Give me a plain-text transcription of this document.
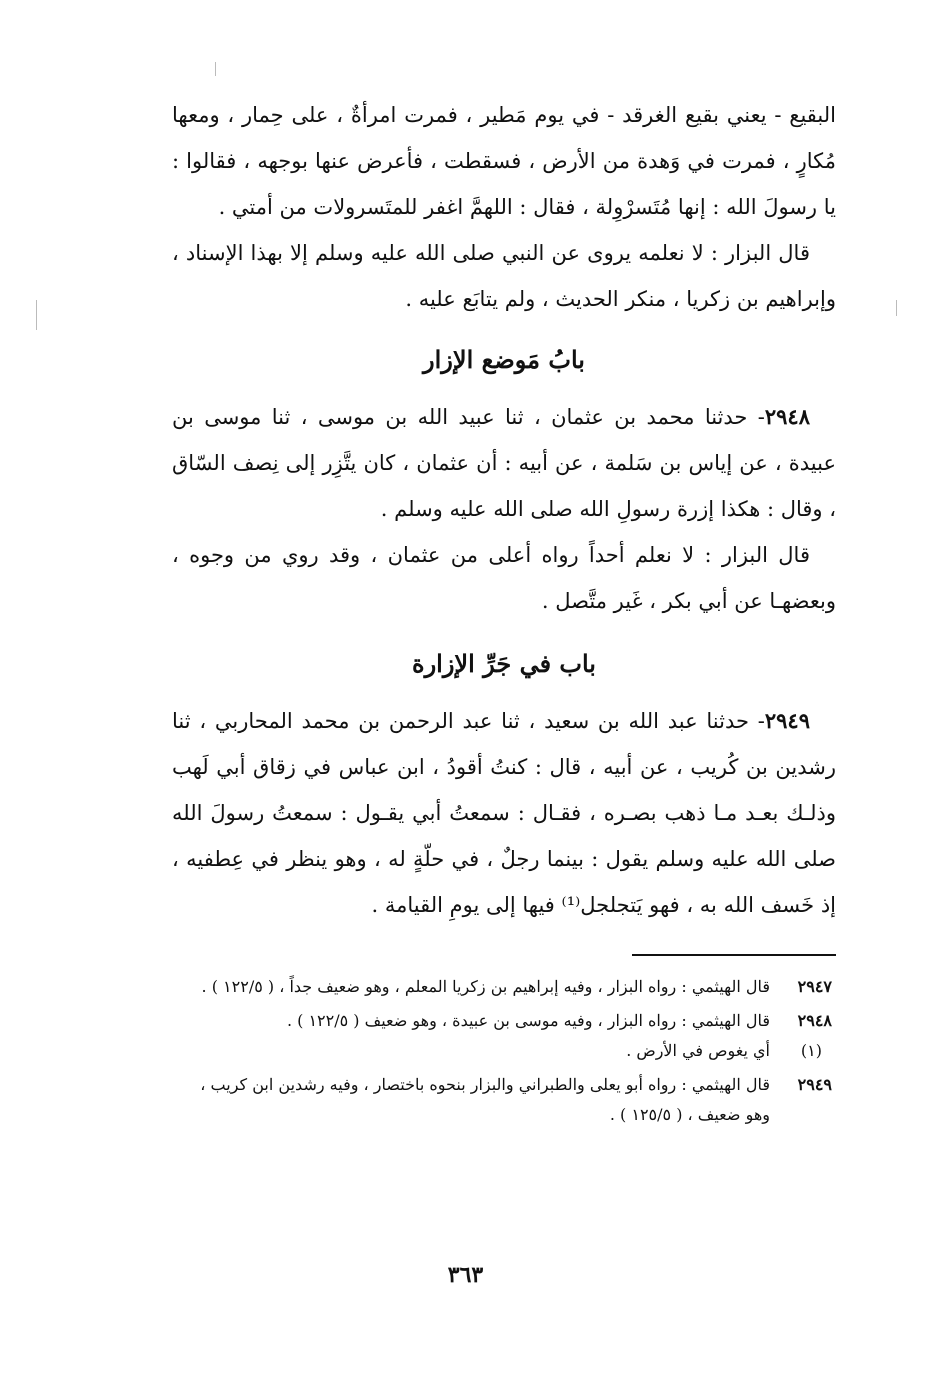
البقيع - يعني بقيع الغرقد - في يوم مَطير ، فمرت امرأةٌ ، على حِمار ، ومعها مُكارٍ ، فمرت في وَهدة من الأرض ، فسقطت ، فأعرض عنها بوجهه ، فقالوا : يا رسولَ الله : إنها مُتَسرْوِلة ، فقال : اللهمَّ اغفر للمتَسرولات من أمتي .

قال البزار : لا نعلمه يروى عن النبي صلى الله عليه وسلم إلا بهذا الإسناد ، وإبراهيم بن زكريا ، منكر الحديث ، ولم يتابَع عليه .

بابُ مَوضع الإزار

٢٩٤٨- حدثنا محمد بن عثمان ، ثنا عبيد الله بن موسى ، ثنا موسى بن عبيدة ، عن إياس بن سَلمة ، عن أبيه : أن عثمان ، كان يتَّزِر إلى نِصف السّاق ، وقال : هكذا إزرة رسولِ الله صلى الله عليه وسلم .

قال البزار : لا نعلم أحداً رواه أعلى من عثمان ، وقد روي من وجوه ، وبعضهـا عن أبي بكر ، غَير متَّصل .

باب في جَرِّ الإزارة

٢٩٤٩- حدثنا عبد الله بن سعيد ، ثنا عبد الرحمن بن محمد المحاربي ، ثنا رشدين بن كُريب ، عن أبيه ، قال : كنتُ أقودُ ، ابن عباس في زقاق أبي لَهب وذلـك بعـد مـا ذهب بصـره ، فقـال : سمعتُ أبي يقـول : سمعتُ رسولَ الله صلى الله عليه وسلم يقول : بينما رجلٌ ، في حلّةٍ له ، وهو ينظر في عِطفيه ، إذ خَسف الله به ، فهو يَتجلجل⁽¹⁾ فيها إلى يومِ القيامة .

٢٩٤٧
قال الهيثمي : رواه البزار ، وفيه إبراهيم بن زكريا المعلم ، وهو ضعيف جداً ، ( ١٢٢/٥ ) .
٢٩٤٨
قال الهيثمي : رواه البزار ، وفيه موسى بن عبيدة ، وهو ضعيف ( ١٢٢/٥ ) .
(١)
أي يغوص في الأرض .
٢٩٤٩
قال الهيثمي : رواه أبو يعلى والطبراني والبزار بنحوه باختصار ، وفيه رشدين ابن كريب ، وهو ضعيف ، ( ١٢٥/٥ ) .
٣٦٣
